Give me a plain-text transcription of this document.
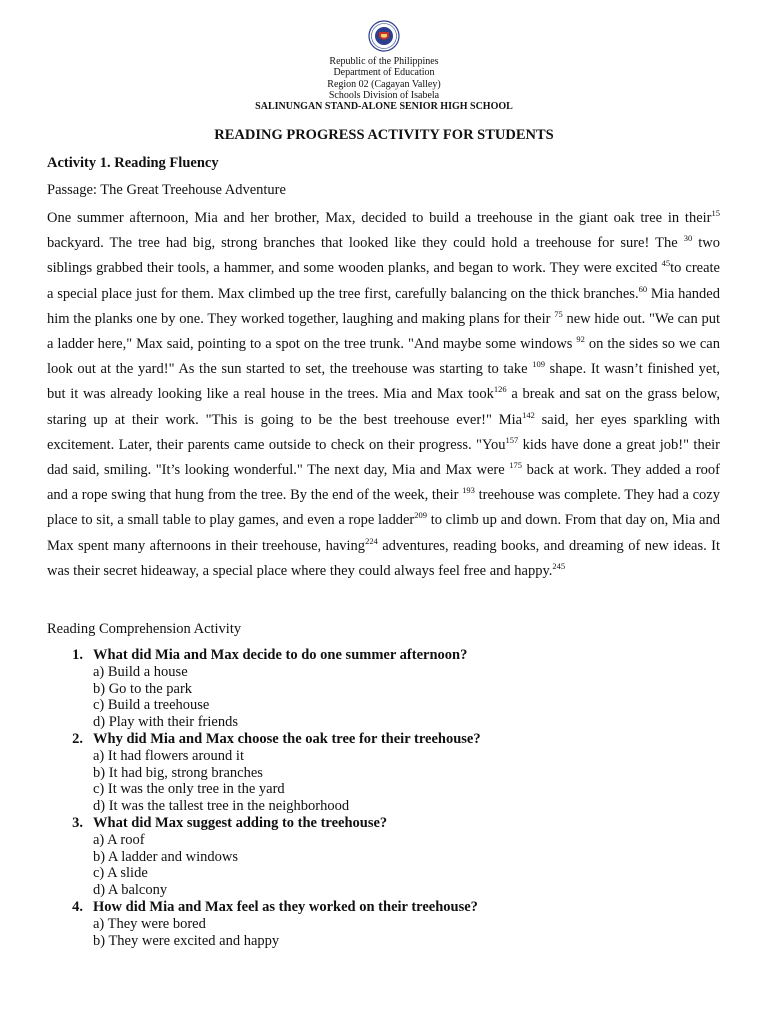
Republic of the Philippines
Department of Education
Region 02 (Cagayan Valley)
Schools Division of Isabela
SALINUNGAN STAND-ALONE SENIOR HIGH SCHOOL
READING PROGRESS ACTIVITY FOR STUDENTS
Activity 1. Reading Fluency
Passage: The Great Treehouse Adventure
One summer afternoon, Mia and her brother, Max, decided to build a treehouse in the giant oak tree in their$^{15}$ backyard. The tree had big, strong branches that looked like they could hold a treehouse for sure! The $^{30}$ two siblings grabbed their tools, a hammer, and some wooden planks, and began to work. They were excited $^{45}$to create a special place just for them. Max climbed up the tree first, carefully balancing on the thick branches.$^{60}$ Mia handed him the planks one by one. They worked together, laughing and making plans for their $^{75}$ new hide out. "We can put a ladder here," Max said, pointing to a spot on the tree trunk. "And maybe some windows $^{92}$ on the sides so we can look out at the yard!" As the sun started to set, the treehouse was starting to take $^{109}$ shape. It wasn’t finished yet, but it was already looking like a real house in the trees. Mia and Max took$^{126}$ a break and sat on the grass below, staring up at their work. "This is going to be the best treehouse ever!" Mia$^{142}$ said, her eyes sparkling with excitement. Later, their parents came outside to check on their progress. "You$^{157}$ kids have done a great job!" their dad said, smiling. "It’s looking wonderful." The next day, Mia and Max were $^{175}$ back at work. They added a roof and a rope swing that hung from the tree. By the end of the week, their $^{193}$ treehouse was complete. They had a cozy place to sit, a small table to play games, and even a rope ladder$^{209}$ to climb up and down. From that day on, Mia and Max spent many afternoons in their treehouse, having$^{224}$ adventures, reading books, and dreaming of new ideas. It was their secret hideaway, a special place where they could always feel free and happy.$^{245}$
Reading Comprehension Activity
1. What did Mia and Max decide to do one summer afternoon?
a) Build a house
b) Go to the park
c) Build a treehouse
d) Play with their friends
2. Why did Mia and Max choose the oak tree for their treehouse?
a) It had flowers around it
b) It had big, strong branches
c) It was the only tree in the yard
d) It was the tallest tree in the neighborhood
3. What did Max suggest adding to the treehouse?
a) A roof
b) A ladder and windows
c) A slide
d) A balcony
4. How did Mia and Max feel as they worked on their treehouse?
a) They were bored
b) They were excited and happy
